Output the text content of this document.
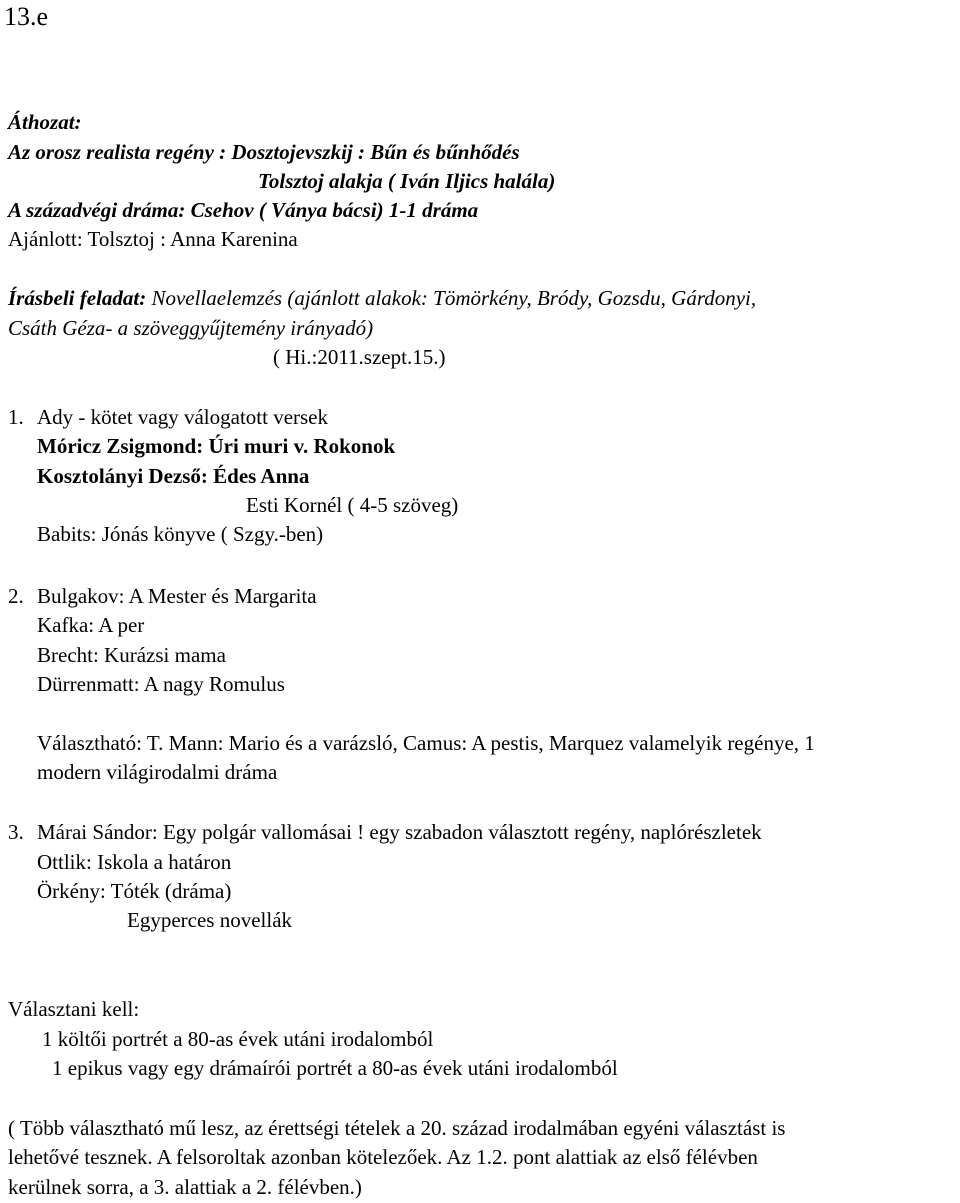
13.e
Áthozat:
Az orosz realista regény : Dosztojevszkij : Bűn és bűnhődés
Tolsztoj alakja ( Iván Iljics halála)
A századvégi dráma: Csehov ( Ványa bácsi) 1-1 dráma
Ajánlott: Tolsztoj : Anna Karenina
Írásbeli feladat: Novellaelemzés (ajánlott alakok: Tömörkény, Bródy, Gozsdu, Gárdonyi,
Csáth Géza- a szöveggyűjtemény irányadó)
( Hi.:2011.szept.15.)
1. Ady - kötet vagy válogatott versek
Móricz Zsigmond: Úri muri v. Rokonok
Kosztolányi Dezső: Édes Anna
Esti Kornél ( 4-5 szöveg)
Babits: Jónás könyve ( Szgy.-ben)
2. Bulgakov: A Mester és Margarita
Kafka: A per
Brecht: Kurázsi mama
Dürrenmatt: A nagy Romulus
Választható: T. Mann: Mario és a varázsló, Camus: A pestis, Marquez valamelyik regénye, 1
modern világirodalmi dráma
3. Márai Sándor: Egy polgár vallomásai ! egy szabadon választott regény, naplórészletek
Ottlik: Iskola a határon
Örkény: Tóték (dráma)
Egyperces novellák
Választani kell:
1 költői portrét a 80-as évek utáni irodalomból
1 epikus vagy egy drámaírói portrét a 80-as évek utáni irodalomból
( Több választható mű lesz, az érettségi tételek a 20. század irodalmában egyéni választást is
lehetővé tesznek. A felsoroltak azonban kötelezőek. Az 1.2. pont alattiak az első félévben
kerülnek sorra, a 3. alattiak a 2. félévben.)
